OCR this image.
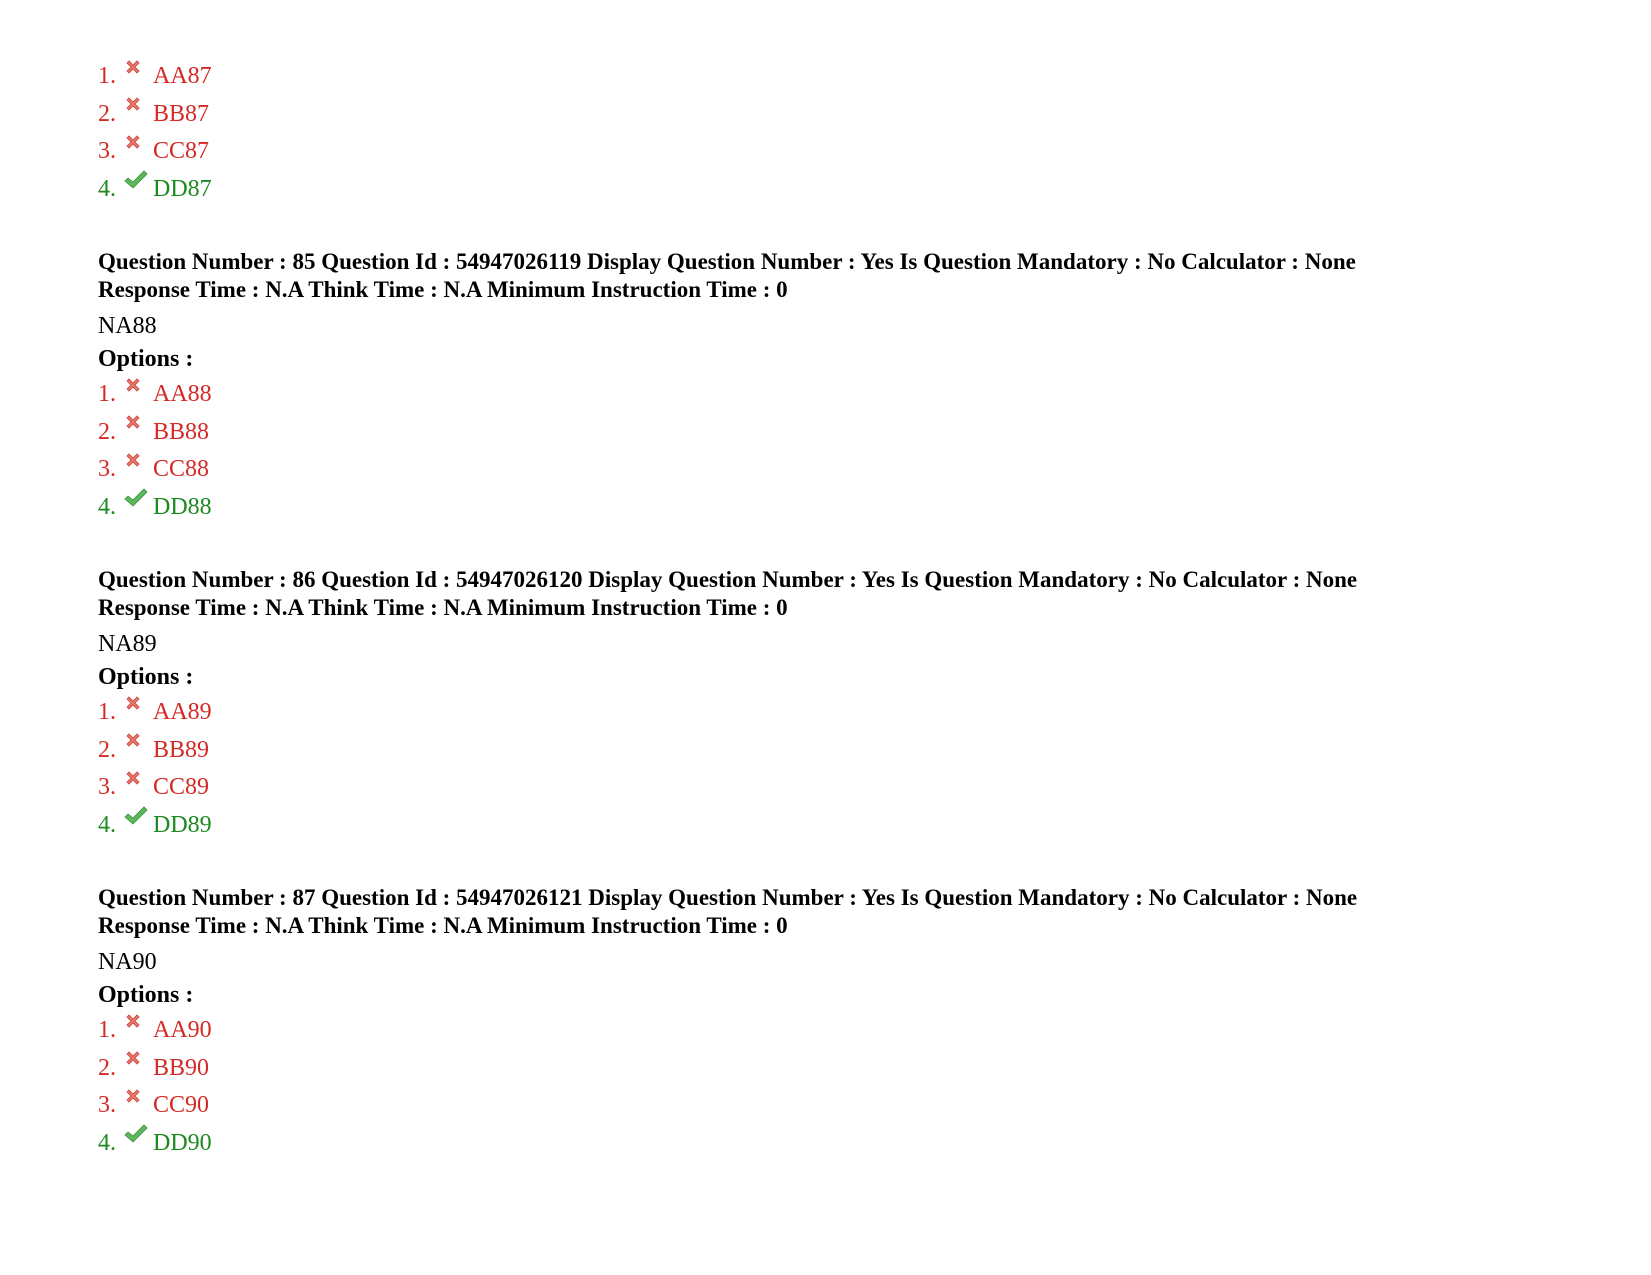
1.	AA87
2.	BB87
3.	CC87
4.	DD87

Question Number : 85 Question Id : 54947026119 Display Question Number : Yes Is Question Mandatory : No Calculator : None
Response Time : N.A Think Time : N.A Minimum Instruction Time : 0

NA88
Options :
1.	AA88
2.	BB88
3.	CC88
4.	DD88

Question Number : 86 Question Id : 54947026120 Display Question Number : Yes Is Question Mandatory : No Calculator : None
Response Time : N.A Think Time : N.A Minimum Instruction Time : 0

NA89
Options :
1.	AA89
2.	BB89
3.	CC89
4.	DD89

Question Number : 87 Question Id : 54947026121 Display Question Number : Yes Is Question Mandatory : No Calculator : None
Response Time : N.A Think Time : N.A Minimum Instruction Time : 0

NA90
Options :
1.	AA90
2.	BB90
3.	CC90
4.	DD90
